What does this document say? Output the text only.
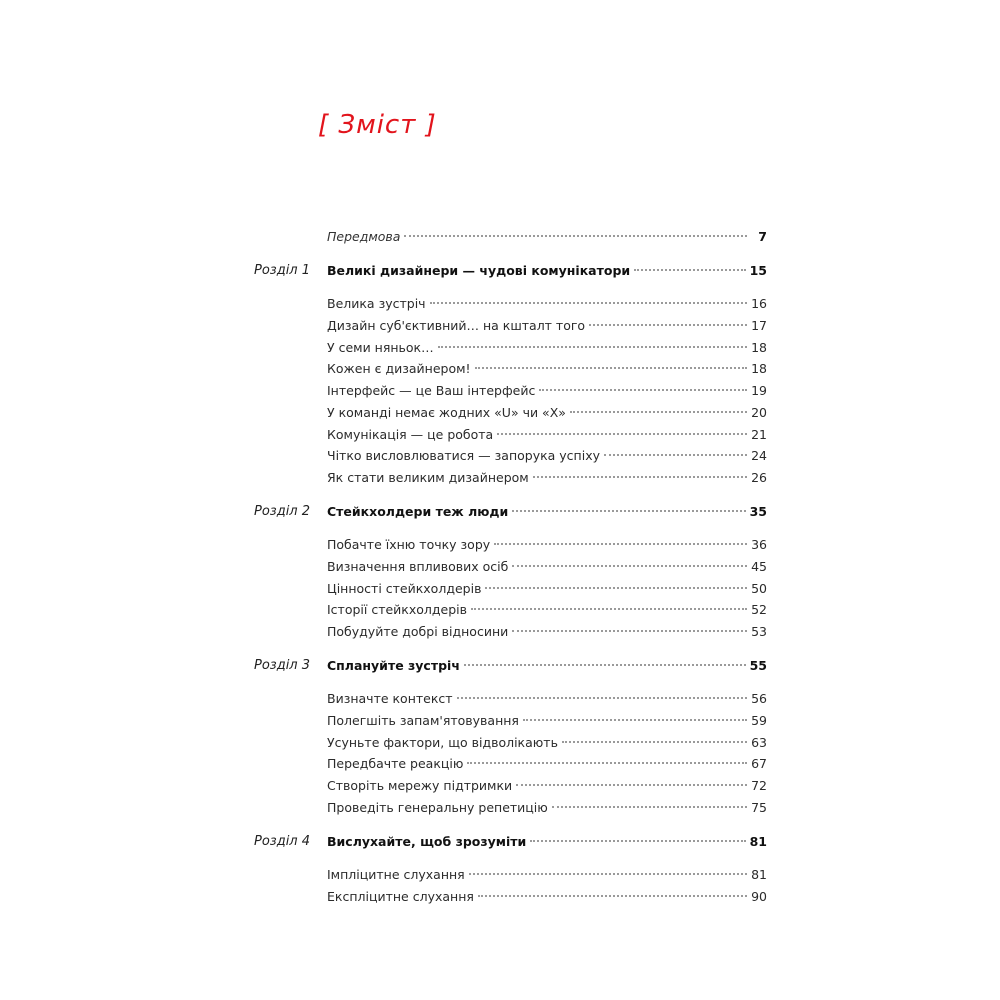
[ Зміст ]
Передмова	7
Розділ 1 Великі дизайнери — чудові комунікатори	15
Велика зустріч	16
Дизайн суб'єктивний… на кшталт того	17
У семи няньок…	18
Кожен є дизайнером!	18
Інтерфейс — це Ваш інтерфейс	19
У команді немає жодних «U» чи «X»	20
Комунікація — це робота	21
Чітко висловлюватися — запорука успіху	24
Як стати великим дизайнером	26
Розділ 2 Стейкхолдери теж люди	35
Побачте їхню точку зору	36
Визначення впливових осіб	45
Цінності стейкхолдерів	50
Історії стейкхолдерів	52
Побудуйте добрі відносини	53
Розділ 3 Сплануйте зустріч	55
Визначте контекст	56
Полегшіть запам'ятовування	59
Усуньте фактори, що відволікають	63
Передбачте реакцію	67
Створіть мережу підтримки	72
Проведіть генеральну репетицію	75
Розділ 4 Вислухайте, щоб зрозуміти	81
Імпліцитне слухання	81
Експліцитне слухання	90
